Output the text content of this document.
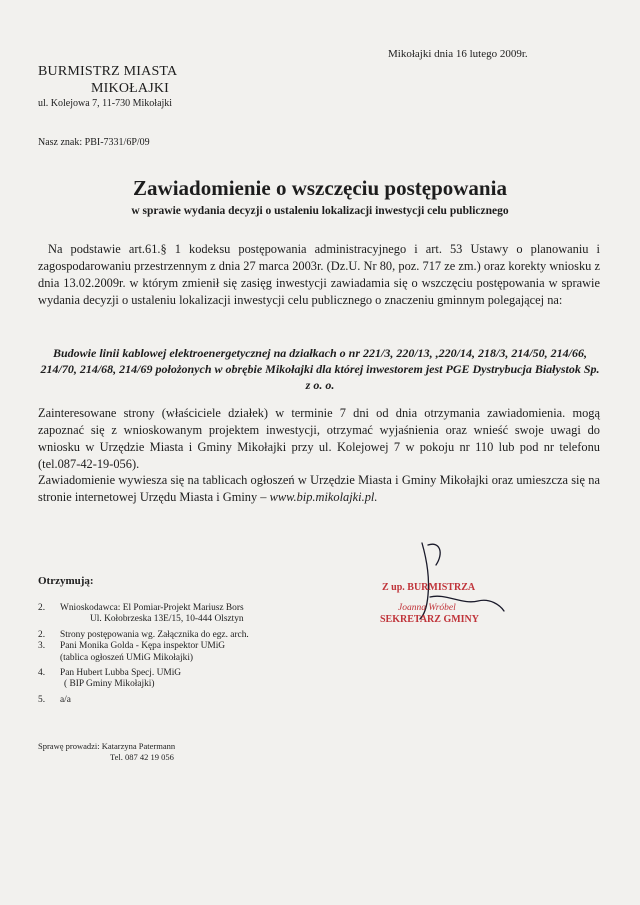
Mikołajki dnia 16 lutego 2009r.
BURMISTRZ MIASTA
MIKOŁAJKI
ul. Kolejowa 7, 11-730 Mikołajki
Nasz znak: PBI-7331/6P/09
Zawiadomienie o wszczęciu postępowania
w sprawie wydania decyzji o ustaleniu lokalizacji inwestycji celu publicznego
Na podstawie art.61.§ 1 kodeksu postępowania administracyjnego i art. 53 Ustawy o planowaniu i zagospodarowaniu przestrzennym z dnia 27 marca 2003r. (Dz.U. Nr 80, poz. 717 ze zm.) oraz korekty wniosku z dnia 13.02.2009r. w którym zmienił się zasięg inwestycji zawiadamia się o wszczęciu postępowania w sprawie wydania decyzji o ustaleniu lokalizacji inwestycji celu publicznego o znaczeniu gminnym polegającej na:
Budowie linii kablowej elektroenergetycznej na działkach o nr 221/3, 220/13, ,220/14, 218/3, 214/50, 214/66, 214/70, 214/68, 214/69 położonych w obrębie Mikołajki dla której inwestorem jest PGE Dystrybucja Białystok Sp. z o. o.
Zainteresowane strony (właściciele działek) w terminie 7 dni od dnia otrzymania zawiadomienia. mogą zapoznać się z wnioskowanym projektem inwestycji, otrzymać wyjaśnienia oraz wnieść swoje uwagi do wniosku w Urzędzie Miasta i Gminy Mikołajki przy ul. Kolejowej 7 w pokoju nr 110 lub pod nr telefonu (tel.087-42-19-056).
Zawiadomienie wywiesza się na tablicach ogłoszeń w Urzędzie Miasta i Gminy Mikołajki oraz umieszcza się na stronie internetowej Urzędu Miasta i Gminy – www.bip.mikolajki.pl.
Otrzymują:
2.	Wnioskodawca: El Pomiar-Projekt Mariusz Bors
Ul. Kołobrzeska 13E/15, 10-444 Olsztyn
2.	Strony postępowania wg. Załącznika do egz. arch.
3.	Pani Monika Golda - Kępa inspektor UMiG
(tablica ogłoszeń UMiG Mikołajki)
4.	Pan Hubert Lubba Specj. UMiG
( BIP Gminy Mikołajki)
5.	a/a
Sprawę prowadzi: Katarzyna Patermann
Tel. 087 42 19 056
Z up. BURMISTRZA
Joanna Wróbel
SEKRETARZ GMINY
